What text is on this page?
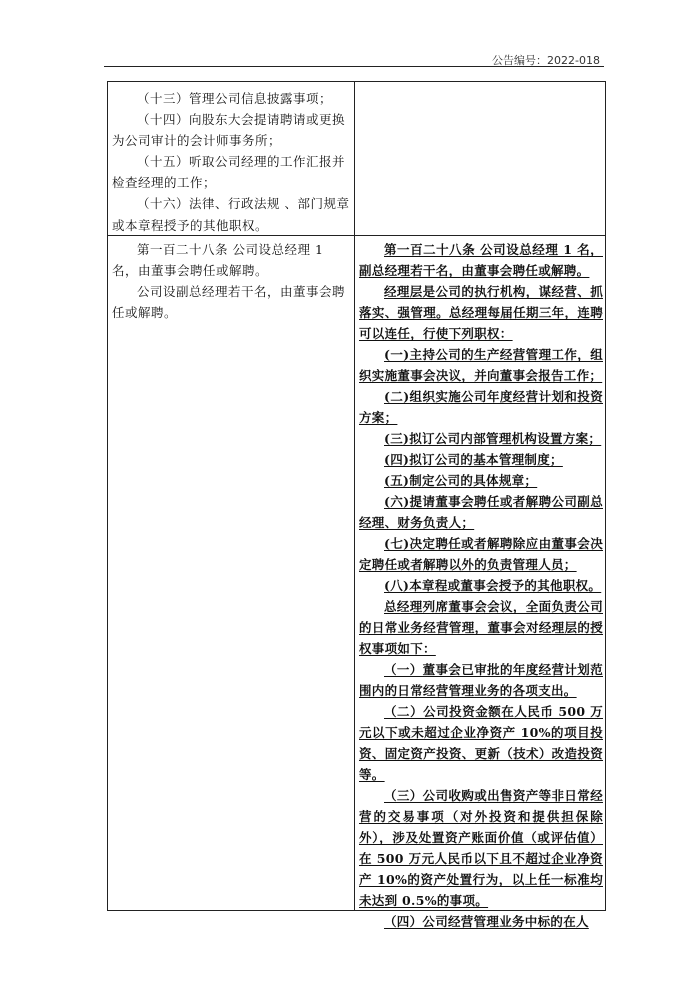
公告编号：2022-018

（十三）管理公司信息披露事项；

（十四）向股东大会提请聘请或更换为公司审计的会计师事务所；

（十五）听取公司经理的工作汇报并检查经理的工作；

（十六）法律、行政法规 、部门规章或本章程授予的其他职权。

第一百二十八条 公司设总经理 1 名，由董事会聘任或解聘。

公司设副总经理若干名，由董事会聘任或解聘。

第一百二十八条 公司设总经理 1 名，副总经理若干名，由董事会聘任或解聘。

经理层是公司的执行机构，谋经营、抓落实、强管理。总经理每届任期三年，连聘可以连任，行使下列职权：

(一)主持公司的生产经营管理工作，组织实施董事会决议，并向董事会报告工作；

(二)组织实施公司年度经营计划和投资方案；

(三)拟订公司内部管理机构设置方案；

(四)拟订公司的基本管理制度；

(五)制定公司的具体规章；

(六)提请董事会聘任或者解聘公司副总经理、财务负责人；

(七)决定聘任或者解聘除应由董事会决定聘任或者解聘以外的负责管理人员；

(八)本章程或董事会授予的其他职权。

总经理列席董事会会议，全面负责公司的日常业务经营管理，董事会对经理层的授权事项如下：

（一）董事会已审批的年度经营计划范围内的日常经营管理业务的各项支出。

（二）公司投资金额在人民币 500 万元以下或未超过企业净资产 10%的项目投资、固定资产投资、更新（技术）改造投资等。

（三）公司收购或出售资产等非日常经营的交易事项（对外投资和提供担保除外），涉及处置资产账面价值（或评估值）在 500 万元人民币以下且不超过企业净资产 10%的资产处置行为，以上任一标准均未达到 0.5%的事项。

（四）公司经营管理业务中标的在人
